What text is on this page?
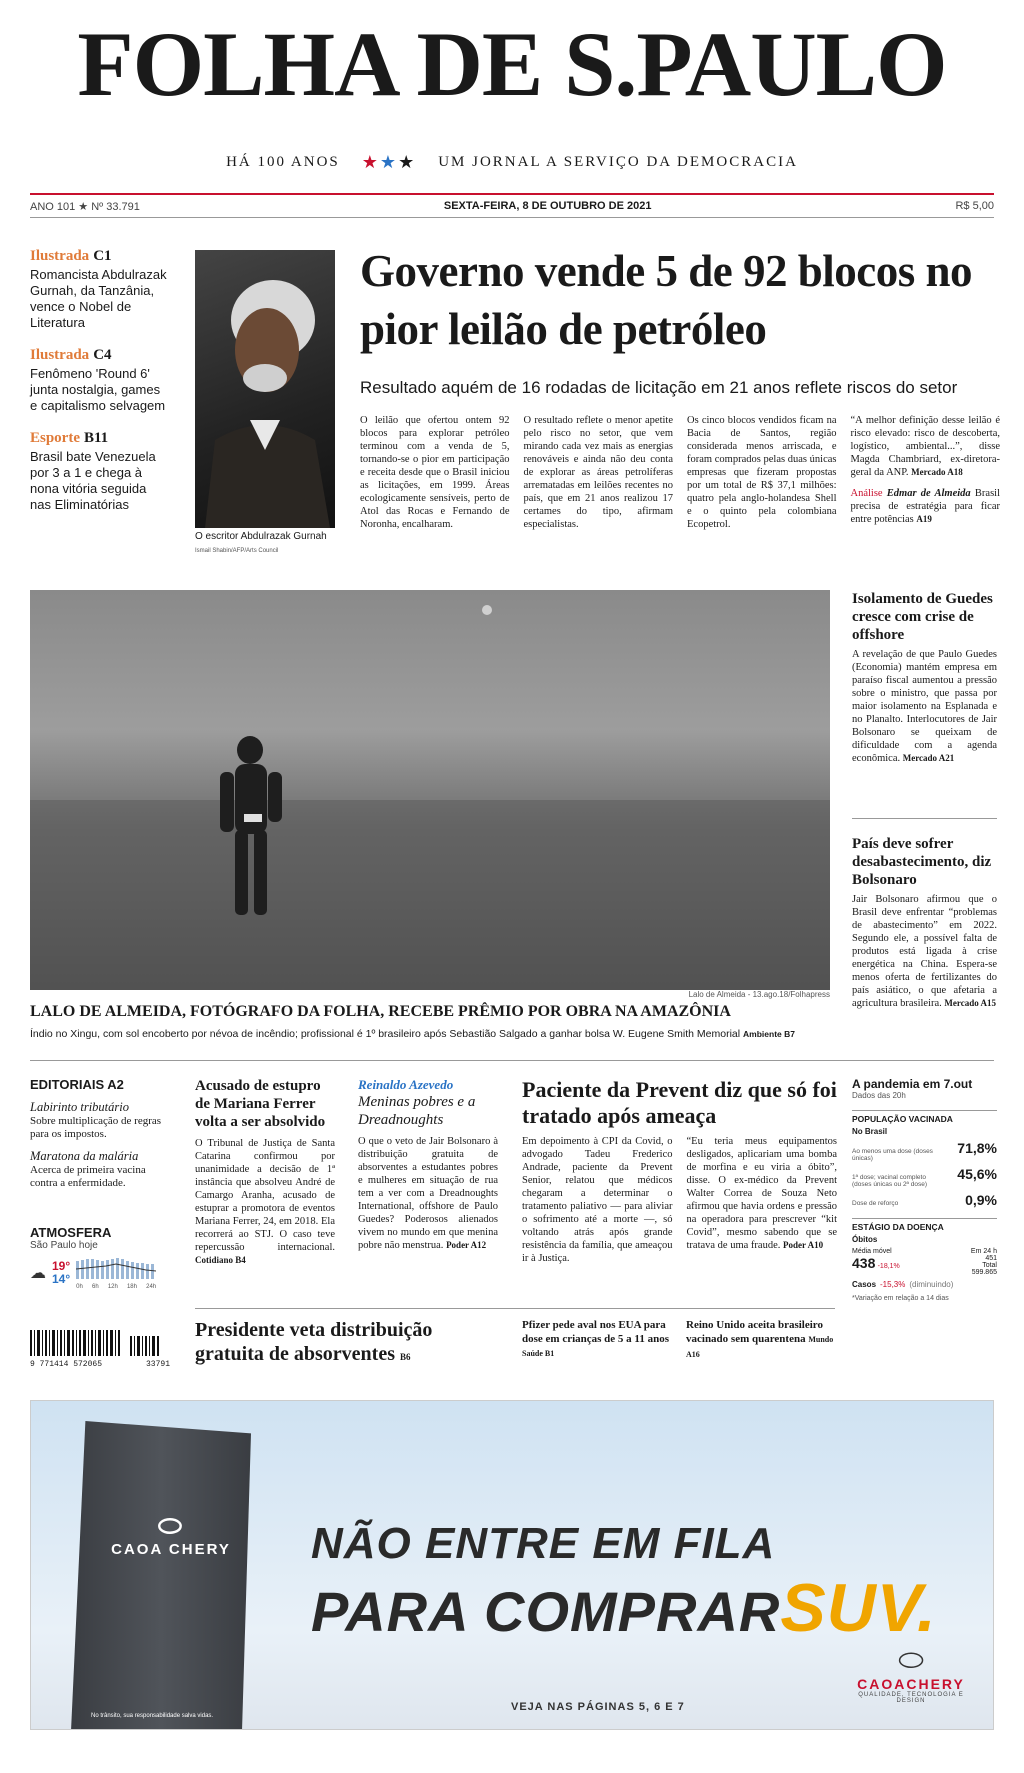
FOLHA DE S.PAULO
HÁ 100 ANOS ★★★ UM JORNAL A SERVIÇO DA DEMOCRACIA
ANO 101 ★ Nº 33.791	SEXTA-FEIRA, 8 DE OUTUBRO DE 2021	R$ 5,00
Ilustrada C1
Romancista Abdulrazak Gurnah, da Tanzânia, vence o Nobel de Literatura
Ilustrada C4
Fenômeno 'Round 6' junta nostalgia, games e capitalismo selvagem
Esporte B11
Brasil bate Venezuela por 3 a 1 e chega à nona vitória seguida nas Eliminatórias
O escritor Abdulrazak Gurnah Ismail Shabin/AFP/Arts Council
Governo vende 5 de 92 blocos no pior leilão de petróleo
Resultado aquém de 16 rodadas de licitação em 21 anos reflete riscos do setor
O leilão que ofertou ontem 92 blocos para explorar petróleo terminou com a venda de 5, tornando-se o pior em participação e receita desde que o Brasil iniciou as licitações, em 1999. Áreas ecologicamente sensíveis, perto de Atol das Rocas e Fernando de Noronha, encalharam.
O resultado reflete o menor apetite pelo risco no setor, que vem mirando cada vez mais as energias renováveis e ainda não deu conta de explorar as áreas petrolíferas arrematadas em leilões recentes no país, que em 21 anos realizou 17 certames do tipo, afirmam especialistas.
Os cinco blocos vendidos ficam na Bacia de Santos, região considerada menos arriscada, e foram comprados pelas duas únicas empresas que fizeram propostas por um total de R$ 37,1 milhões: quatro pela anglo-holandesa Shell e o quinto pela colombiana Ecopetrol.
“A melhor definição desse leilão é risco elevado: risco de descoberta, logístico, ambiental...”, disse Magda Chambriard, ex-diretora-geral da ANP. Mercado A18
Análise Edmar de Almeida Brasil precisa de estratégia para ficar entre potências A19
Lalo de Almeida - 13.ago.18/Folhapress
LALO DE ALMEIDA, FOTÓGRAFO DA FOLHA, RECEBE PRÊMIO POR OBRA NA AMAZÔNIA
Índio no Xingu, com sol encoberto por névoa de incêndio; profissional é 1º brasileiro após Sebastião Salgado a ganhar bolsa W. Eugene Smith Memorial Ambiente B7
Isolamento de Guedes cresce com crise de offshore
A revelação de que Paulo Guedes (Economia) mantém empresa em paraíso fiscal aumentou a pressão sobre o ministro, que passa por maior isolamento na Esplanada e no Planalto. Interlocutores de Jair Bolsonaro se queixam de dificuldade com a agenda econômica. Mercado A21
País deve sofrer desabastecimento, diz Bolsonaro
Jair Bolsonaro afirmou que o Brasil deve enfrentar “problemas de abastecimento” em 2022. Segundo ele, a possível falta de produtos está ligada à crise energética na China. Espera-se menos oferta de fertilizantes do país asiático, o que afetaria a agricultura brasileira. Mercado A15
EDITORIAIS A2
Labirinto tributário
Sobre multiplicação de regras para os impostos.
Maratona da malária
Acerca de primeira vacina contra a enfermidade.
ATMOSFERA
São Paulo hoje
☁ 19°
14°
0h 6h 12h 18h 24h
9 771414 572065	33791
Acusado de estupro de Mariana Ferrer volta a ser absolvido
O Tribunal de Justiça de Santa Catarina confirmou por unanimidade a decisão de 1ª instância que absolveu André de Camargo Aranha, acusado de estuprar a promotora de eventos Mariana Ferrer, 24, em 2018. Ela recorrerá ao STJ. O caso teve repercussão internacional. Cotidiano B4
Reinaldo Azevedo
Meninas pobres e a Dreadnoughts
O que o veto de Jair Bolsonaro à distribuição gratuita de absorventes a estudantes pobres e mulheres em situação de rua tem a ver com a Dreadnoughts International, offshore de Paulo Guedes? Poderosos alienados vivem no mundo em que menina pobre não menstrua. Poder A12
Paciente da Prevent diz que só foi tratado após ameaça
Em depoimento à CPI da Covid, o advogado Tadeu Frederico Andrade, paciente da Prevent Senior, relatou que médicos chegaram a determinar o tratamento paliativo — para aliviar o sofrimento até a morte —, só voltando atrás após grande resistência da família, que ameaçou ir à Justiça.
“Eu teria meus equipamentos desligados, aplicariam uma bomba de morfina e eu viria a óbito”, disse. O ex-médico da Prevent Walter Correa de Souza Neto afirmou que havia ordens e pressão na operadora para prescrever “kit Covid”, mesmo sabendo que se tratava de uma fraude. Poder A10
A pandemia em 7.out
Dados das 20h
POPULAÇÃO VACINADA
No Brasil
Ao menos uma dose (doses únicas)
71,8%
1ª dose; vacinal completo (doses únicas ou 2ª dose)
45,6%
Dose de reforço	0,9%
ESTÁGIO DA DOENÇA
Óbitos
Média móvel
438 -18,1%
Em 24 h
451
Total
599.865
Casos -15,3% (diminuindo)
*Variação em relação a 14 dias
Presidente veta distribuição gratuita de absorventes B6
Pfizer pede aval nos EUA para dose em crianças de 5 a 11 anos Saúde B1
Reino Unido aceita brasileiro vacinado sem quarentena Mundo A16
⬭
CAOA CHERY NÃO ENTRE EM FILA
PARA COMPRARSUV.
VEJA NAS PÁGINAS 5, 6 E 7
⬭
CAOACHERY
QUALIDADE, TECNOLOGIA E DESIGN
No trânsito, sua responsabilidade salva vidas.
